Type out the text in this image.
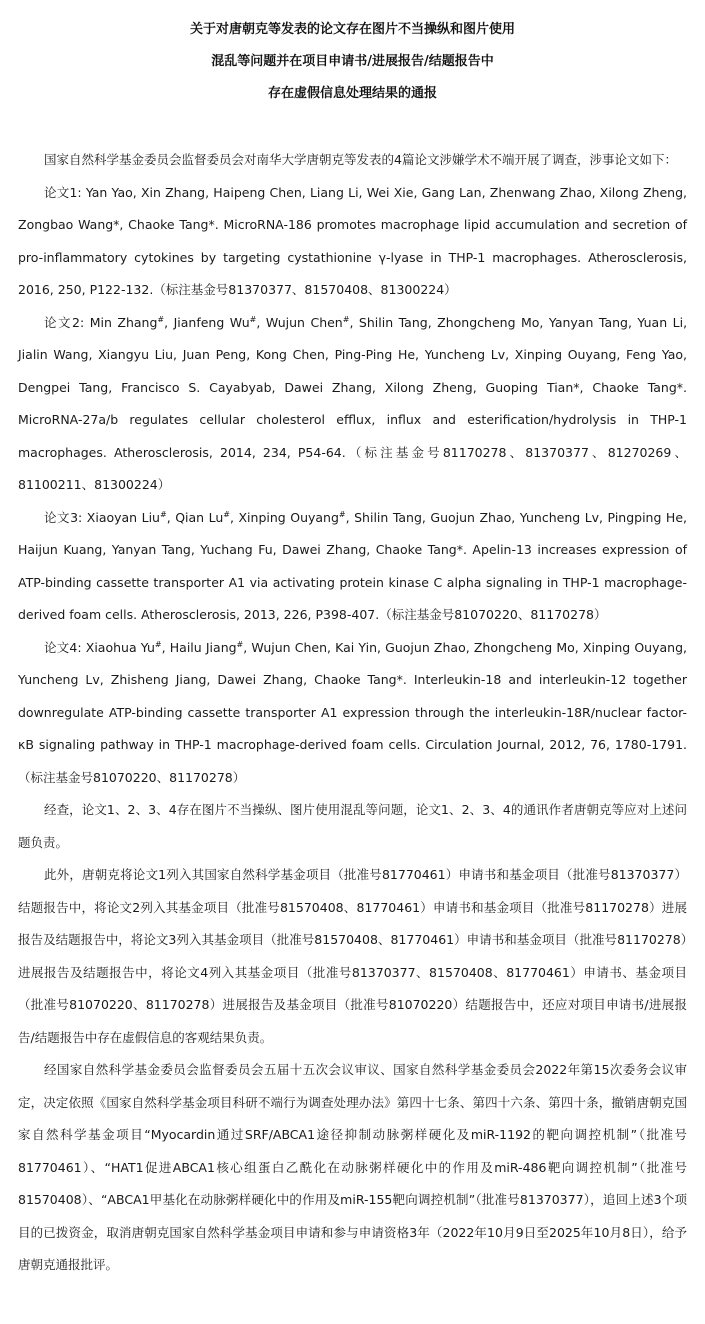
关于对唐朝克等发表的论文存在图片不当操纵和图片使用

混乱等问题并在项目申请书/进展报告/结题报告中

存在虚假信息处理结果的通报

国家自然科学基金委员会监督委员会对南华大学唐朝克等发表的4篇论文涉嫌学术不端开展了调查，涉事论文如下：

论文1: Yan Yao, Xin Zhang, Haipeng Chen, Liang Li, Wei Xie, Gang Lan, Zhenwang Zhao, Xilong Zheng, Zongbao Wang*, Chaoke Tang*. MicroRNA-186 promotes macrophage lipid accumulation and secretion of pro-inflammatory cytokines by targeting cystathionine γ-lyase in THP-1 macrophages. Atherosclerosis, 2016, 250, P122-132.（标注基金号81370377、81570408、81300224）

论文2: Min Zhang#, Jianfeng Wu#, Wujun Chen#, Shilin Tang, Zhongcheng Mo, Yanyan Tang, Yuan Li, Jialin Wang, Xiangyu Liu, Juan Peng, Kong Chen, Ping-Ping He, Yuncheng Lv, Xinping Ouyang, Feng Yao, Dengpei Tang, Francisco S. Cayabyab, Dawei Zhang, Xilong Zheng, Guoping Tian*, Chaoke Tang*. MicroRNA-27a/b regulates cellular cholesterol efflux, influx and esterification/hydrolysis in THP-1 macrophages. Atherosclerosis, 2014, 234, P54-64.（标注基金号81170278、81370377、81270269、81100211、81300224）

论文3: Xiaoyan Liu#, Qian Lu#, Xinping Ouyang#, Shilin Tang, Guojun Zhao, Yuncheng Lv, Pingping He, Haijun Kuang, Yanyan Tang, Yuchang Fu, Dawei Zhang, Chaoke Tang*. Apelin-13 increases expression of ATP-binding cassette transporter A1 via activating protein kinase C alpha signaling in THP-1 macrophage-derived foam cells. Atherosclerosis, 2013, 226, P398-407.（标注基金号81070220、81170278）

论文4: Xiaohua Yu#, Hailu Jiang#, Wujun Chen, Kai Yin, Guojun Zhao, Zhongcheng Mo, Xinping Ouyang, Yuncheng Lv, Zhisheng Jiang, Dawei Zhang, Chaoke Tang*. Interleukin-18 and interleukin-12 together downregulate ATP-binding cassette transporter A1 expression through the interleukin-18R/nuclear factor-κB signaling pathway in THP-1 macrophage-derived foam cells. Circulation Journal, 2012, 76, 1780-1791.（标注基金号81070220、81170278）

经查，论文1、2、3、4存在图片不当操纵、图片使用混乱等问题，论文1、2、3、4的通讯作者唐朝克等应对上述问题负责。

此外，唐朝克将论文1列入其国家自然科学基金项目（批准号81770461）申请书和基金项目（批准号81370377）结题报告中，将论文2列入其基金项目（批准号81570408、81770461）申请书和基金项目（批准号81170278）进展报告及结题报告中，将论文3列入其基金项目（批准号81570408、81770461）申请书和基金项目（批准号81170278）进展报告及结题报告中，将论文4列入其基金项目（批准号81370377、81570408、81770461）申请书、基金项目（批准号81070220、81170278）进展报告及基金项目（批准号81070220）结题报告中，还应对项目申请书/进展报告/结题报告中存在虚假信息的客观结果负责。

经国家自然科学基金委员会监督委员会五届十五次会议审议、国家自然科学基金委员会2022年第15次委务会议审定，决定依照《国家自然科学基金项目科研不端行为调查处理办法》第四十七条、第四十六条、第四十条，撤销唐朝克国家自然科学基金项目“Myocardin通过SRF/ABCA1途径抑制动脉粥样硬化及miR-1192的靶向调控机制”（批准号81770461）、“HAT1促进ABCA1核心组蛋白乙酰化在动脉粥样硬化中的作用及miR-486靶向调控机制”（批准号81570408）、“ABCA1甲基化在动脉粥样硬化中的作用及miR-155靶向调控机制”（批准号81370377），追回上述3个项目的已拨资金，取消唐朝克国家自然科学基金项目申请和参与申请资格3年（2022年10月9日至2025年10月8日），给予唐朝克通报批评。
